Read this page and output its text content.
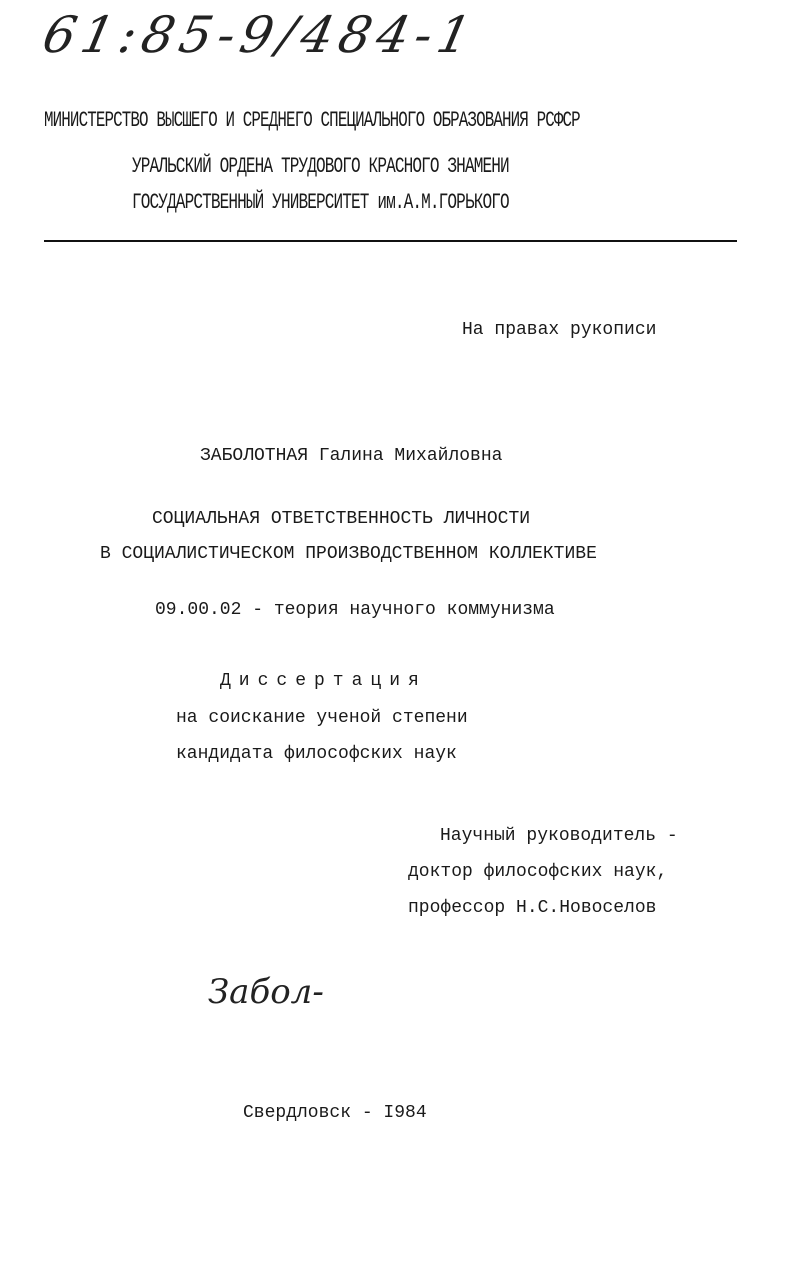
61:85-9/484-1
МИНИСТЕРСТВО ВЫСШЕГО И СРЕДНЕГО СПЕЦИАЛЬНОГО ОБРАЗОВАНИЯ РСФСР
УРАЛЬСКИЙ ОРДЕНА ТРУДОВОГО КРАСНОГО ЗНАМЕНИ
ГОСУДАРСТВЕННЫЙ УНИВЕРСИТЕТ им.А.М.ГОРЬКОГО
На правах рукописи
ЗАБОЛОТНАЯ Галина Михайловна
СОЦИАЛЬНАЯ ОТВЕТСТВЕННОСТЬ ЛИЧНОСТИ
В СОЦИАЛИСТИЧЕСКОМ ПРОИЗВОДСТВЕННОМ КОЛЛЕКТИВЕ
09.00.02 - теория научного коммунизма
Диссертация
на соискание ученой степени
кандидата философских наук
Научный руководитель -
доктор философских наук,
профессор Н.С.Новоселов
Забол-
Свердловск - I984
